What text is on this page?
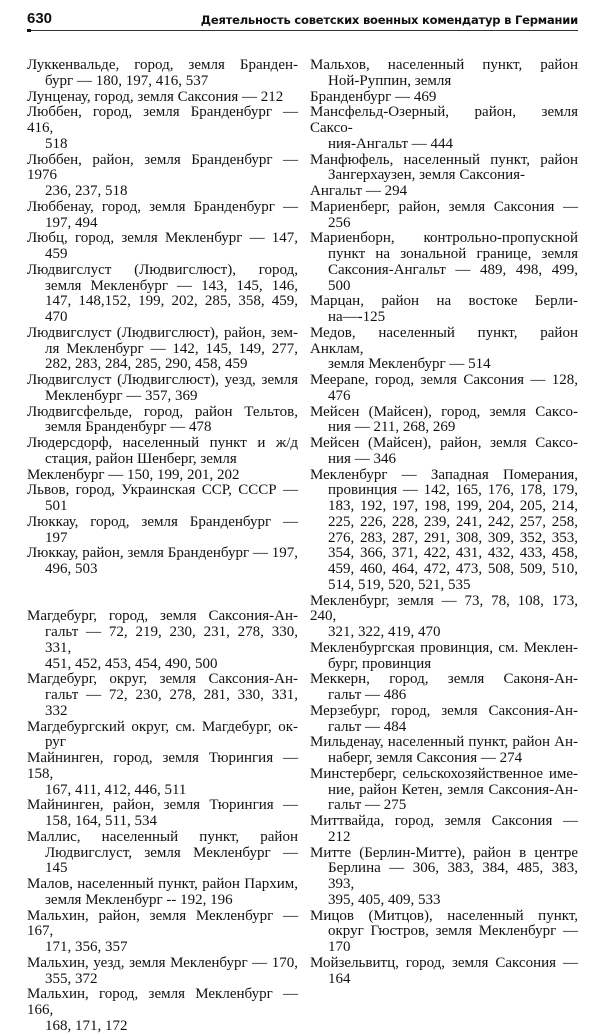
630	Деятельность советских военных комендатур в Германии
Луккенвальде, город, земля Бранден-
бург — 180, 197, 416, 537
Лунценау, город, земля Саксония — 212
Люббен, город, земля Бранденбург — 416,
518
Люббен, район, земля Бранденбург — 1976
236, 237, 518
Люббенау, город, земля Бранденбург —
197, 494
Любц, город, земля Мекленбург — 147,
459
Людвигслуст (Людвигслюст), город,
земля Мекленбург — 143, 145, 146,
147, 148,152, 199, 202, 285, 358, 459,
470
Людвигслуст (Людвигслюст), район, зем-
ля Мекленбург — 142, 145, 149, 277,
282, 283, 284, 285, 290, 458, 459
Людвигслуст (Людвигслюст), уезд, земля
Мекленбург — 357, 369
Людвигсфельде, город, район Тельтов,
земля Бранденбург — 478
Людерсдорф, населенный пункт и ж/д
стация, район Шенберг, земля
Мекленбург — 150, 199, 201, 202
Львов, город, Украинская ССР, СССР —
501
Люккау, город, земля Бранденбург —
197
Люккау, район, земля Бранденбург — 197,
496, 503
Магдебург, город, земля Саксония-Ан-
гальт — 72, 219, 230, 231, 278, 330, 331,
451, 452, 453, 454, 490, 500
Магдебург, округ, земля Саксония-Ан-
гальт — 72, 230, 278, 281, 330, 331,
332
Магдебургский округ, см. Магдебург, ок-
руг
Майнинген, город, земля Тюрингия — 158,
167, 411, 412, 446, 511
Майнинген, район, земля Тюрингия —
158, 164, 511, 534
Маллис, населенный пункт, район
Людвигслуст, земля Мекленбург —
145
Малов, населенный пункт, район Пархим,
земля Мекленбург -- 192, 196
Мальхин, район, земля Мекленбург — 167,
171, 356, 357
Мальхин, уезд, земля Мекленбург — 170,
355, 372
Мальхин, город, земля Мекленбург — 166,
168, 171, 172
Мальхов, населенный пункт, район
Ной-Руппин, земля
Бранденбург — 469
Мансфельд-Озерный, район, земля Саксо-
ния-Ангальт — 444
Манфюфель, населенный пункт, район
Зангерхаузен, земля Саксония-
Ангальт — 294
Мариенберг, район, земля Саксония —
256
Мариенборн, контрольно-пропускной
пункт на зональной границе, земля
Саксония-Ангальт — 489, 498, 499,
500
Марцан, район на востоке Берли-
на—-125
Медов, населенный пункт, район Анклам,
земля Мекленбург — 514
Меерane, город, земля Саксония — 128,
476
Мейсен (Майсен), город, земля Саксо-
ния — 211, 268, 269
Мейсен (Майсен), район, земля Саксо-
ния — 346
Мекленбург — Западная Померания,
провинция — 142, 165, 176, 178, 179,
183, 192, 197, 198, 199, 204, 205, 214,
225, 226, 228, 239, 241, 242, 257, 258,
276, 283, 287, 291, 308, 309, 352, 353,
354, 366, 371, 422, 431, 432, 433, 458,
459, 460, 464, 472, 473, 508, 509, 510,
514, 519, 520, 521, 535
Мекленбург, земля — 73, 78, 108, 173, 240,
321, 322, 419, 470
Мекленбургская провинция, см. Меклен-
бург, провинция
Меккерн, город, земля Саконя-Ан-
гальт — 486
Мерзебург, город, земля Саксония-Ан-
гальт — 484
Мильденау, населенный пункт, район Ан-
наберг, земля Саксония — 274
Минстерберг, сельскохозяйственное име-
ние, район Кетен, земля Саксония-Ан-
гальт — 275
Миттвайда, город, земля Саксония —
212
Митте (Берлин-Митте), район в центре
Берлина — 306, 383, 384, 485, 383, 393,
395, 405, 409, 533
Мицов (Митцов), населенный пункт,
округ Гюстров, земля Мекленбург —
170
Мойзельвитц, город, земля Саксония —
164
